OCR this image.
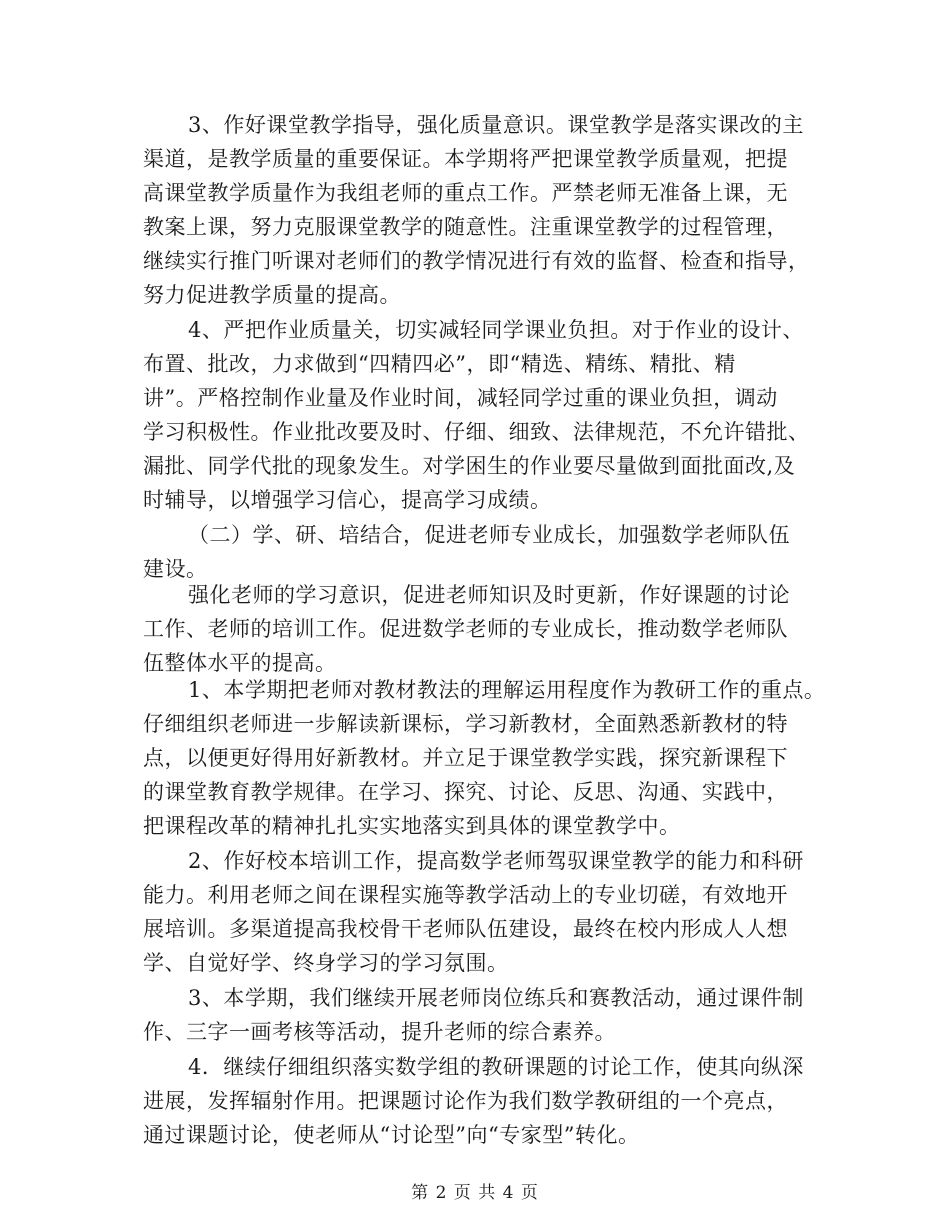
3、作好课堂教学指导，强化质量意识。课堂教学是落实课改的主
渠道，是教学质量的重要保证。本学期将严把课堂教学质量观，把提
高课堂教学质量作为我组老师的重点工作。严禁老师无准备上课，无
教案上课，努力克服课堂教学的随意性。注重课堂教学的过程管理，
继续实行推门听课对老师们的教学情况进行有效的监督、检查和指导，
努力促进教学质量的提高。
4、严把作业质量关，切实减轻同学课业负担。对于作业的设计、
布置、批改，力求做到“四精四必”，即“精选、精练、精批、精
讲”。严格控制作业量及作业时间，减轻同学过重的课业负担，调动
学习积极性。作业批改要及时、仔细、细致、法律规范，不允许错批、
漏批、同学代批的现象发生。对学困生的作业要尽量做到面批面改,及
时辅导，以增强学习信心，提高学习成绩。
（二）学、研、培结合，促进老师专业成长，加强数学老师队伍
建设。
强化老师的学习意识，促进老师知识及时更新，作好课题的讨论
工作、老师的培训工作。促进数学老师的专业成长，推动数学老师队
伍整体水平的提高。
1、本学期把老师对教材教法的理解运用程度作为教研工作的重点。
仔细组织老师进一步解读新课标，学习新教材，全面熟悉新教材的特
点，以便更好得用好新教材。并立足于课堂教学实践，探究新课程下
的课堂教育教学规律。在学习、探究、讨论、反思、沟通、实践中，
把课程改革的精神扎扎实实地落实到具体的课堂教学中。
2、作好校本培训工作，提高数学老师驾驭课堂教学的能力和科研
能力。利用老师之间在课程实施等教学活动上的专业切磋，有效地开
展培训。多渠道提高我校骨干老师队伍建设，最终在校内形成人人想
学、自觉好学、终身学习的学习氛围。
3、本学期，我们继续开展老师岗位练兵和赛教活动，通过课件制
作、三字一画考核等活动，提升老师的综合素养。
4．继续仔细组织落实数学组的教研课题的讨论工作，使其向纵深
进展，发挥辐射作用。把课题讨论作为我们数学教研组的一个亮点，
通过课题讨论，使老师从“讨论型”向“专家型”转化。
第 2 页 共 4 页
